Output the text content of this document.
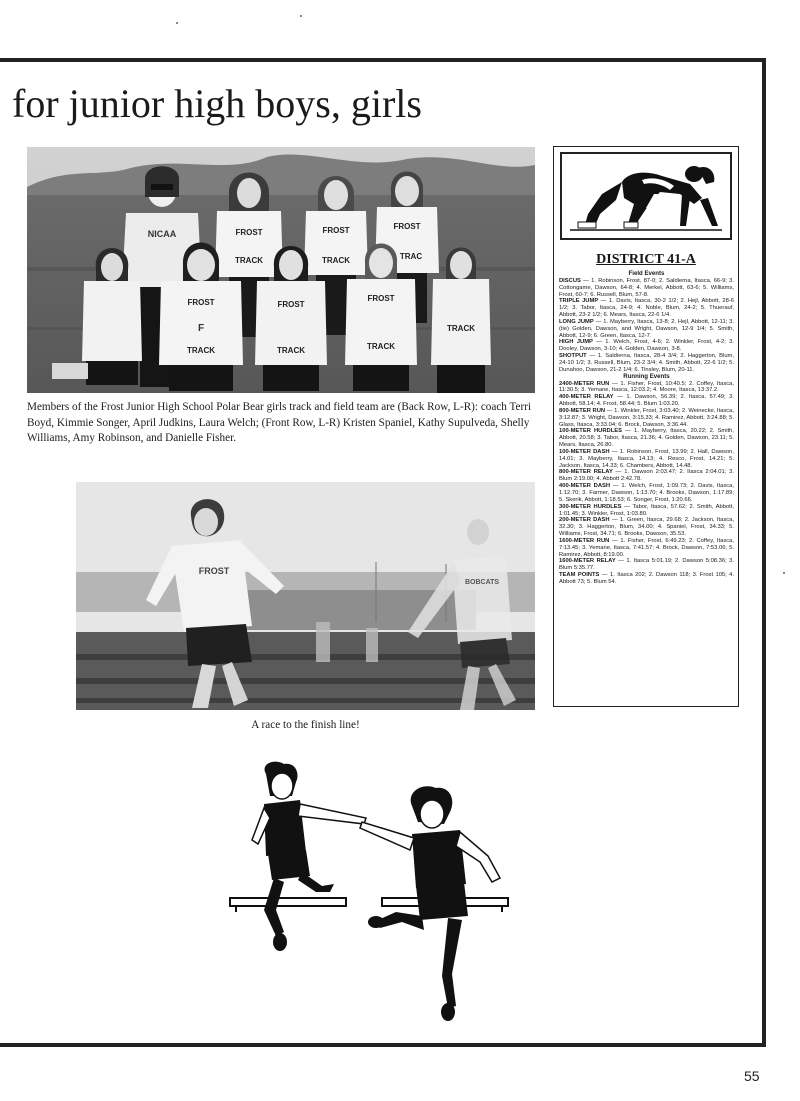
for junior high boys, girls
NICAA	FROST
TRACK
FROST
TRACK
FROST
TRAC
FROST
F
TRACK
FROST
TRACK
FROST
TRACK
TRACK

Members of the Frost Junior High School Polar Bear girls track and field team are (Back Row, L-R): coach Terri Boyd, Kimmie Songer, April Judkins, Laura Welch; (Front Row, L-R) Kristen Spaniel, Kathy Supulveda, Shelly Williams, Amy Robinson, and Danielle Fisher.

FROST
BOBCATS

A race to the finish line!

DISTRICT 41-A

Field Events

DISCUS — 1. Robinson, Frost, 87-0; 2. Saldierna, Itasca, 66-9; 3. Cottongame, Dawson, 64-8; 4. Merkel, Abbott, 63-6; 5. Williams, Frost, 60-7; 6. Russell, Blum, 57-8.

TRIPLE JUMP — 1. Davis, Itasca, 30-2 1/2; 2. Hejl, Abbott, 28-6 1/2; 3. Tabor, Itasca, 24-9; 4. Noble, Blum, 24-2; 5. Thuerauf, Abbott, 23-2 1/2; 6. Mears, Itasca, 22-6 1/4.

LONG JUMP — 1. Mayberry, Itasca, 13-8; 2. Hejl, Abbott, 12-11; 3. (tie) Golden, Dawson, and Wright, Dawson, 12-9 1/4; 5. Smith, Abbott, 12-9; 6. Green, Itasca, 12-7.

HIGH JUMP — 1. Welch, Frost, 4-6; 2. Winkler, Frost, 4-2; 3. Dooley, Dawson, 3-10; 4. Golden, Dawson, 3-8.

SHOTPUT — 1. Saldierna, Itasca, 28-4 3/4; 2. Haggerton, Blum, 24-10 1/2; 3. Russell, Blum, 23-2 3/4; 4. Smith, Abbott, 22-6 1/2; 5. Dunahoo, Dawson, 21-2 1/4; 6. Tinsley, Blum, 20-11.

Running Events

2400-METER RUN — 1. Fisher, Frost, 10:40.5; 2. Coffey, Itasca, 11:30.5; 3. Yemane, Itasca, 12:03.2; 4. Moore, Itasca, 13:37.2.

400-METER RELAY — 1. Dawson, 56.39; 2. Itasca, 57.49; 3. Abbott, 58.14; 4. Frost, 58.44; 5. Blum 1:03.20.

800-METER RUN — 1. Winkler, Frost, 3:03.40; 2. Weinecke, Itasca, 3:12.87; 3. Wright, Dawson, 3:15.33; 4. Ramirez, Abbott, 3:24.88; 5. Glass, Itasca, 3:33.04; 6. Brock, Dawson, 3:36.44.

100-METER HURDLES — 1. Mayberry, Itasca, 20.22; 2. Smith, Abbott, 20.58; 3. Tabor, Itasca, 21.36; 4. Golden, Dawson, 23.11; 5. Mears, Itasca, 26.80.

100-METER DASH — 1. Robinson, Frost, 13.99; 2. Hall, Dawson, 14.01; 3. Mayberry, Itasca, 14.13; 4. Resco, Frost, 14.21; 5. Jackson, Itasca, 14.33; 6. Chambers, Abbott, 14.48.

800-METER RELAY — 1. Dawson 2:03.47; 2. Itasca 2:04.01; 3. Blum 2:19.00; 4. Abbott 2:42.78.

400-METER DASH — 1. Welch, Frost, 1:09.73; 2. Davis, Itasca, 1:12.70; 3. Farmer, Dawson, 1:13.70; 4. Brooks, Dawson, 1:17.89; 5. Skerik, Abbott, 1:18.53; 6. Songer, Frost, 1:20.66.

300-METER HURDLES — Tabor, Itasca, 57.62; 2. Smith, Abbott, 1:01.45; 3. Winkler, Frost, 1:03.80.

200-METER DASH — 1. Green, Itasca, 29.68; 2. Jackson, Itasca, 32.30; 3. Haggerton, Blum, 34.00; 4. Spaniel, Frost, 34.33; 5. Williams, Frost, 34.71; 6. Brooks, Dawson, 35.53.

1600-METER RUN — 1. Fisher, Frost, 6:49.23; 2. Coffey, Itasca, 7:13.45; 3. Yemane, Itasca, 7:41.57; 4. Brock, Dawson, 7:53.06; 5. Ramirez, Abbott, 8:19.00.

1600-METER RELAY — 1. Itasca 5:01.19; 2. Dawson 5:08.36; 3. Blum 5:35.77.

TEAM POINTS — 1. Itasca 202; 2. Dawson 118; 3. Frost 105; 4. Abbott 73; 5. Blum 54.

55
